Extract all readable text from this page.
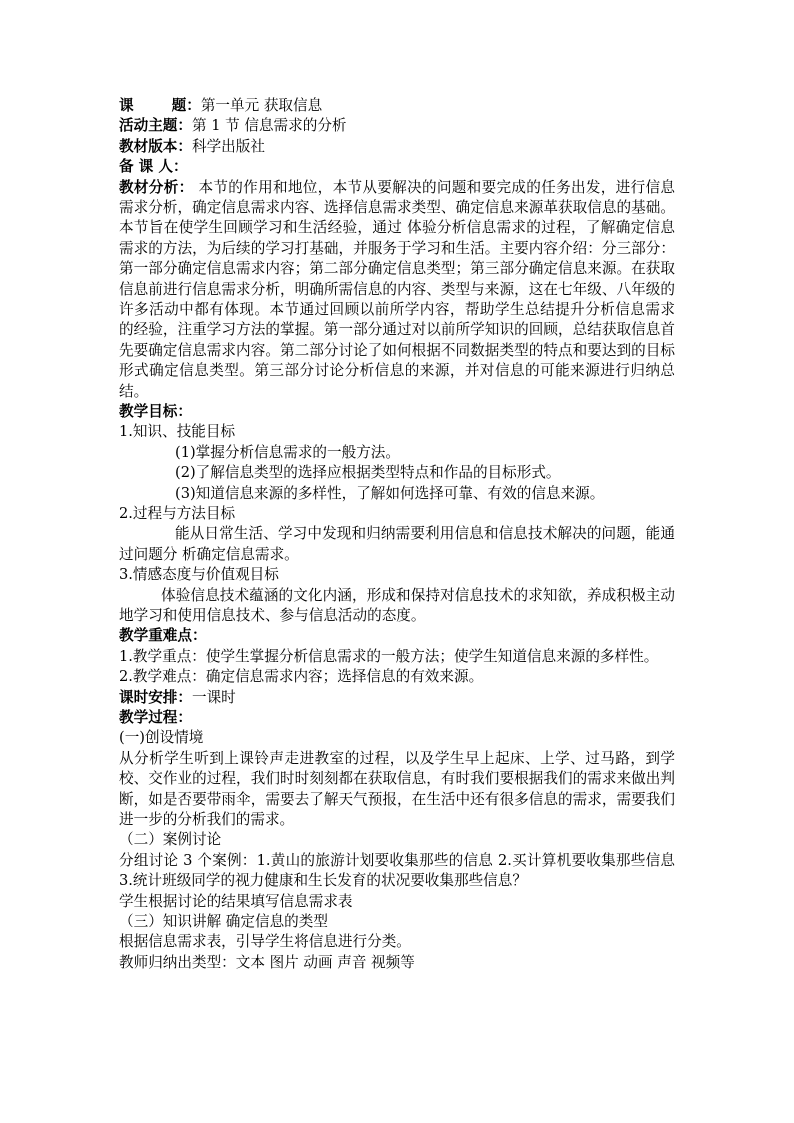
课	题：第一单元 获取信息
活动主题：第 1 节 信息需求的分析
教材版本：科学出版社
备 课 人：
教材分析： 本节的作用和地位，本节从要解决的问题和要完成的任务出发，进行信息需求分析，确定信息需求内容、选择信息需求类型、确定信息来源革获取信息的基础。本节旨在使学生回顾学习和生活经验，通过 体验分析信息需求的过程，了解确定信息需求的方法，为后续的学习打基础，并服务于学习和生活。主要内容介绍：分三部分：第一部分确定信息需求内容；第二部分确定信息类型；第三部分确定信息来源。在获取信息前进行信息需求分析，明确所需信息的内容、类型与来源，这在七年级、八年级的许多活动中都有体现。本节通过回顾以前所学内容，帮助学生总结提升分析信息需求 的经验，注重学习方法的掌握。第一部分通过对以前所学知识的回顾，总结获取信息首先要确定信息需求内容。第二部分讨论了如何根据不同数据类型的特点和要达到的目标形式确定信息类型。第三部分讨论分析信息的来源，并对信息的可能来源进行归纳总结。
教学目标：
1.知识、技能目标
(1)掌握分析信息需求的一般方法。
(2)了解信息类型的选择应根据类型特点和作品的目标形式。
(3)知道信息来源的多样性，了解如何选择可靠、有效的信息来源。
2.过程与方法目标
能从日常生活、学习中发现和归纳需要利用信息和信息技术解决的问题，能通过问题分 析确定信息需求。
3.情感态度与价值观目标
体验信息技术蕴涵的文化内涵，形成和保持对信息技术的求知欲，养成积极主动地学习和使用信息技术、参与信息活动的态度。
教学重难点：
1.教学重点：使学生掌握分析信息需求的一般方法；使学生知道信息来源的多样性。
2.教学难点：确定信息需求内容；选择信息的有效来源。
课时安排：一课时
教学过程：
(一)创设情境
从分析学生听到上课铃声走进教室的过程，以及学生早上起床、上学、过马路，到学校、交作业的过程，我们时时刻刻都在获取信息，有时我们要根据我们的需求来做出判断，如是否要带雨伞，需要去了解天气预报，在生活中还有很多信息的需求，需要我们进一步的分析我们的需求。
（二）案例讨论
分组讨论 3 个案例：1.黄山的旅游计划要收集那些的信息 2.买计算机要收集那些信息 3.统计班级同学的视力健康和生长发育的状况要收集那些信息？
学生根据讨论的结果填写信息需求表
（三）知识讲解 确定信息的类型
根据信息需求表，引导学生将信息进行分类。
教师归纳出类型：文本 图片 动画 声音 视频等
